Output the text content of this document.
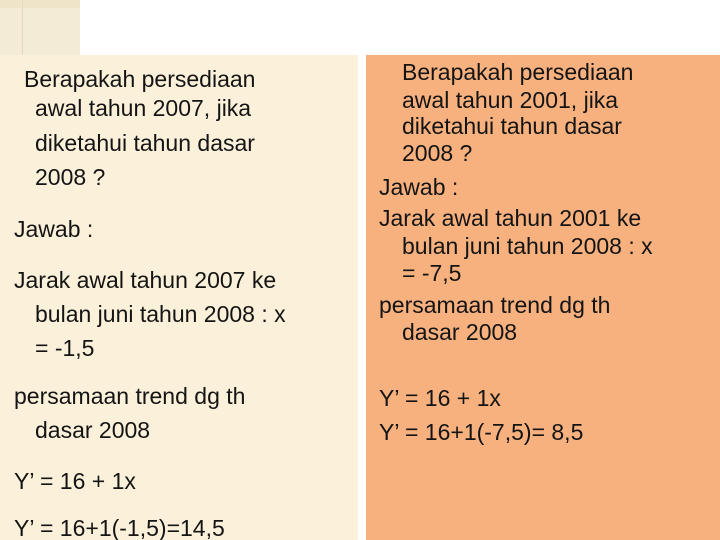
Berapakah persediaan
awal tahun 2007, jika
diketahui tahun dasar
2008 ?
Jawab :
Jarak awal tahun 2007 ke
bulan juni tahun 2008 : x
= -1,5
persamaan trend dg th
dasar 2008
Y’ = 16 + 1x
Y’ = 16+1(-1,5)=14,5
Berapakah persediaan
awal tahun 2001, jika
diketahui tahun dasar
2008 ?
Jawab :
Jarak awal tahun 2001 ke
bulan juni tahun 2008 : x
= -7,5
persamaan trend dg th
dasar 2008
Y’ = 16 + 1x
Y’ = 16+1(-7,5)= 8,5
